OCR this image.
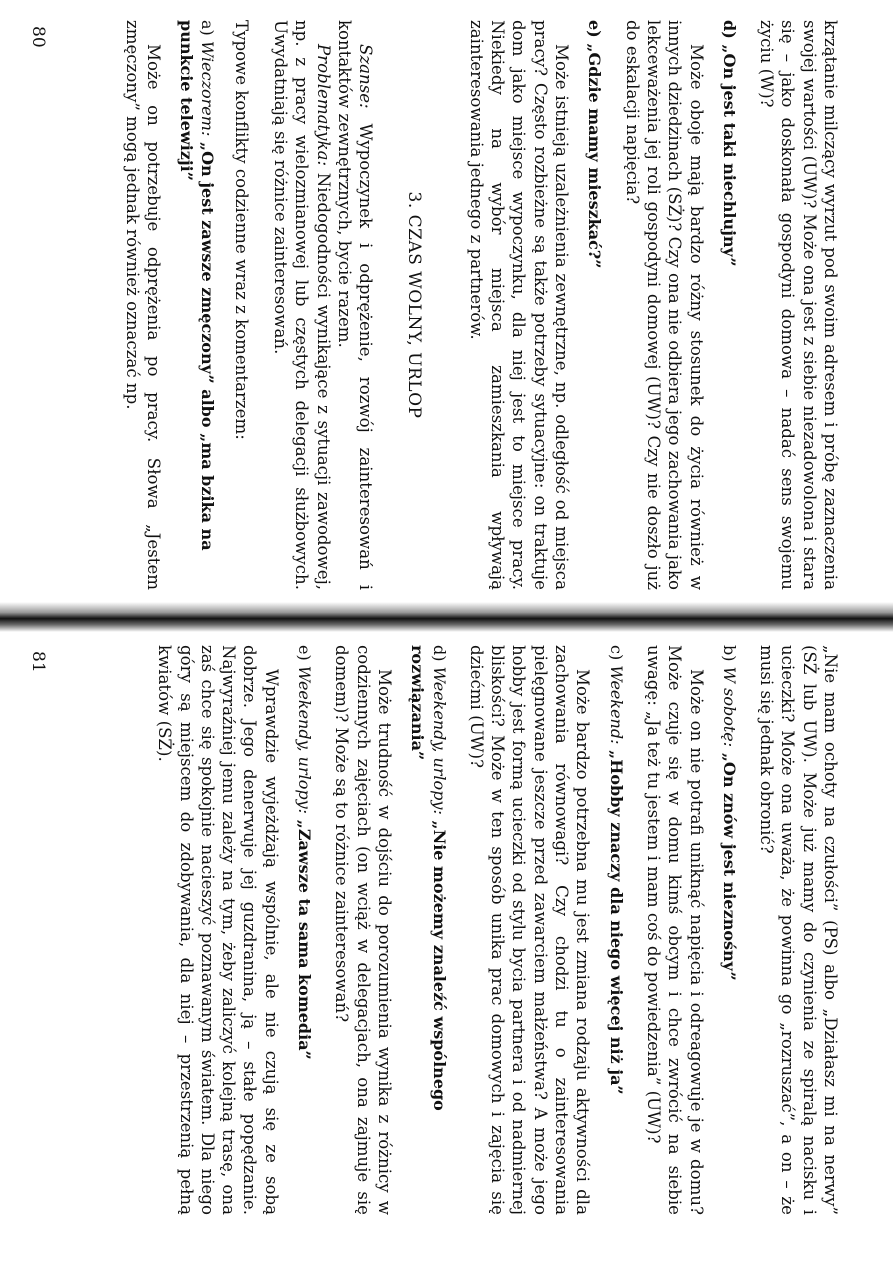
krzątanie milczący wyrzut pod swoim adresem i próbę zaznaczenia swojej wartości (UW)? Może ona jest z siebie niezadowolona i stara się – jako doskonała gospodyni domowa – nadać sens swojemu życiu (W)?

d) „On jest taki niechlujny”

Może oboje mają bardzo różny stosunek do życia również w innych dziedzinach (SŻ)? Czy ona nie odbiera jego zachowania jako lekceważenia jej roli gospodyni domowej (UW)? Czy nie doszło już do eskalacji napięcia?

e) „Gdzie mamy mieszkać?”

Może istnieją uzależnienia zewnętrzne, np. odległość od miejsca pracy? Często rozbieżne są także potrzeby sytuacyjne: on traktuje dom jako miejsce wypoczynku, dla niej jest to miejsce pracy. Niekiedy na wybór miejsca zamieszkania wpływają zainteresowania jednego z partnerów.

3. CZAS WOLNY, URLOP

Szanse: Wypoczynek i odprężenie, rozwój zainteresowań i kontaktów zewnętrznych, bycie razem.

Problematyka: Niedogodności wynikające z sytuacji zawodowej, np. z pracy wielozmianowej lub częstych delegacji służbowych. Uwydatniają się różnice zainteresowań.

Typowe konflikty codzienne wraz z komentarzem:

a) Wieczorem: „On jest zawsze zmęczony” albo „ma bzika na punkcie telewizji”

Może on potrzebuje odprężenia po pracy. Słowa „Jestem zmęczony” mogą jednak również oznaczać np.

80

„Nie mam ochoty na czułości” (PS) albo „Działasz mi na nerwy” (SŻ lub UW). Może już mamy do czynienia ze spiralą nacisku i ucieczki? Może ona uważa, że powinna go „rozruszać”, a on – że musi się jednak obronić?

b) W sobotę: „On znów jest nieznośny”

Może on nie potrafi uniknąć napięcia i odreagowuje je w domu? Może czuje się w domu kimś obcym i chce zwrócić na siebie uwagę: „Ja też tu jestem i mam coś do powiedzenia” (UW)?

c) Weekend: „Hobby znaczy dla niego więcej niż ja”

Może bardzo potrzebna mu jest zmiana rodzaju aktywności dla zachowania równowagi? Czy chodzi tu o zainteresowania pielęgnowane jeszcze przed zawarciem małżeństwa? A może jego hobby jest formą ucieczki od stylu bycia partnera i od nadmiernej bliskości? Może w ten sposób unika prac domowych i zajęcia się dziećmi (UW)?

d) Weekendy, urlopy: „Nie możemy znaleźć wspólnego rozwiązania”

Może trudność w dojściu do porozumienia wynika z różnicy w codziennych zajęciach (on wciąż w delegacjach, ona zajmuje się domem)? Może są to różnice zainteresowań?

e) Weekendy, urlopy: „Zawsze ta sama komedia”

Wprawdzie wyjeżdżają wspólnie, ale nie czują się ze sobą dobrze. Jego denerwuje jej guzdranina, ją – stałe popędzanie. Najwyraźniej jemu zależy na tym, żeby zaliczyć kolejną trasę, ona zaś chce się spokojnie nacieszyć poznawanym światem. Dla niego góry są miejscem do zdobywania, dla niej – przestrzenią pełną kwiatów (SŻ).

81
